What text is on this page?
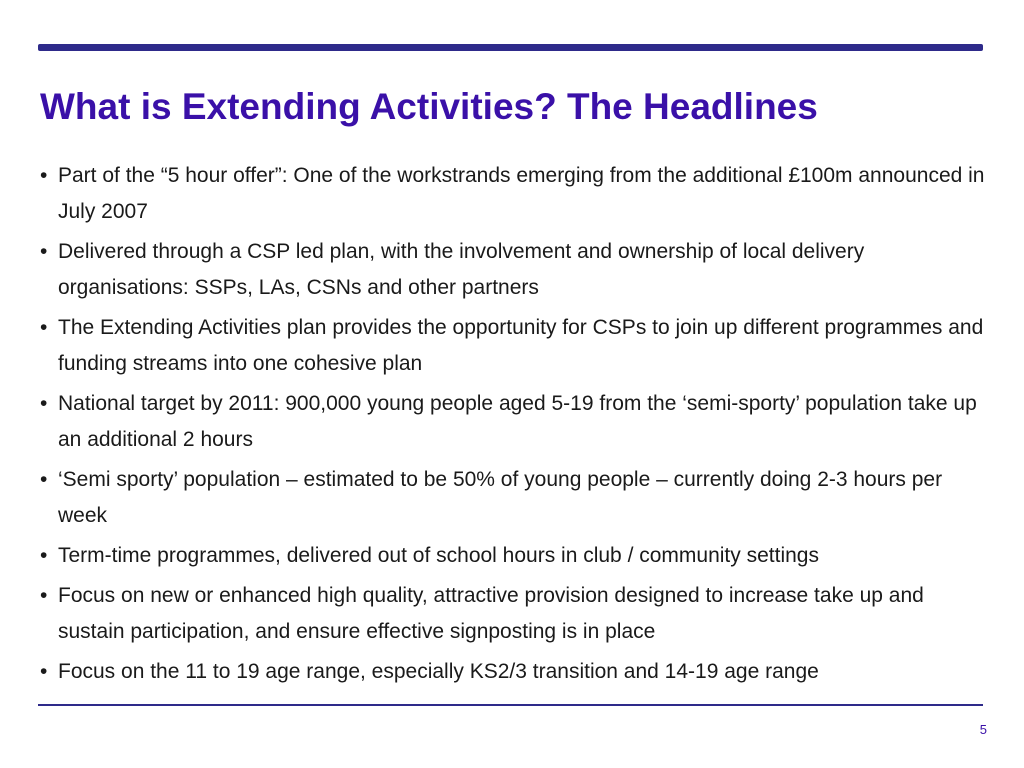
What is Extending Activities? The Headlines
• Part of the “5 hour offer”: One of the workstrands emerging from the additional £100m announced in July 2007
• Delivered through a CSP led plan, with the involvement and ownership of local delivery organisations: SSPs, LAs, CSNs and other partners
• The Extending Activities plan provides the opportunity for CSPs to join up different programmes and funding streams into one cohesive plan
• National target by 2011: 900,000 young people aged 5-19 from the ‘semi-sporty’ population take up an additional 2 hours
• ‘Semi sporty’ population – estimated to be 50% of young people – currently doing 2-3 hours per week
• Term-time programmes, delivered out of school hours in club / community settings
• Focus on new or enhanced high quality, attractive provision designed to increase take up and sustain participation, and ensure effective signposting is in place
• Focus on the 11 to 19 age range, especially KS2/3 transition and 14-19 age range
5
